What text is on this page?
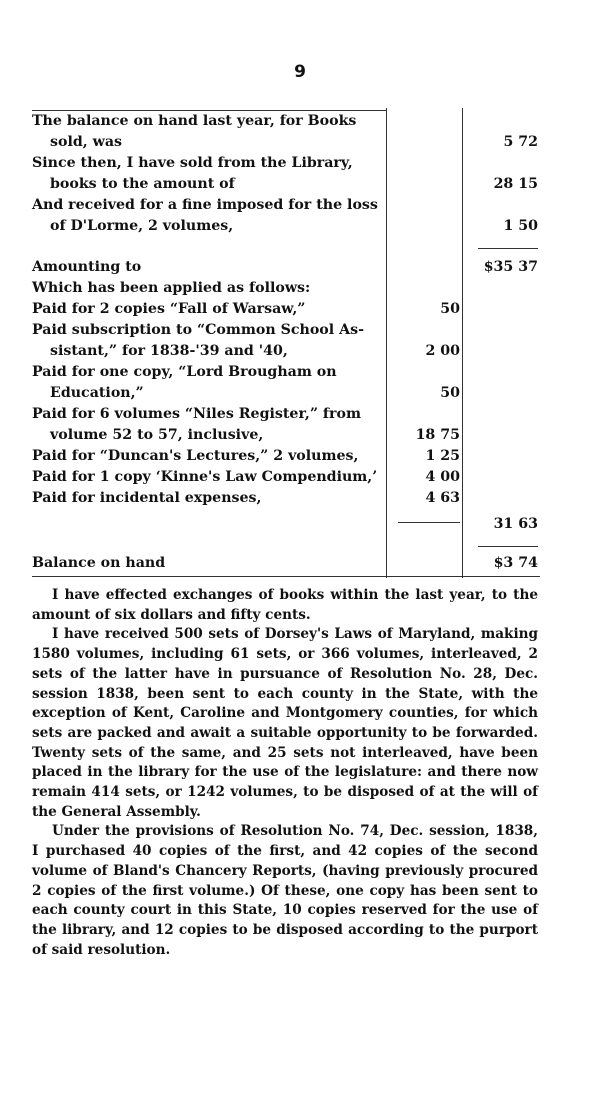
9
The balance on hand last year, for Books
sold, was	5 72
Since then, I have sold from the Library,
books to the amount of	28 15
And received for a fine imposed for the loss
of D'Lorme, 2 volumes,	1 50
Amounting to	$35 37
Which has been applied as follows:
Paid for 2 copies “Fall of Warsaw,”	50
Paid subscription to “Common School As-
sistant,” for 1838-'39 and '40,	2 00
Paid for one copy, “Lord Brougham on
Education,”	50
Paid for 6 volumes “Niles Register,” from
volume 52 to 57, inclusive,	18 75
Paid for “Duncan's Lectures,” 2 volumes,	1 25
Paid for 1 copy ‘Kinne's Law Compendium,’	4 00
Paid for incidental expenses,	4 63
31 63
Balance on hand	$3 74

I have effected exchanges of books within the last year, to the amount of six dollars and fifty cents.

I have received 500 sets of Dorsey's Laws of Maryland, making 1580 volumes, including 61 sets, or 366 volumes, interleaved, 2 sets of the latter have in pursuance of Resolution No. 28, Dec. session 1838, been sent to each county in the State, with the exception of Kent, Caroline and Montgomery counties, for which sets are packed and await a suitable opportunity to be forwarded. Twenty sets of the same, and 25 sets not interleaved, have been placed in the library for the use of the legislature: and there now remain 414 sets, or 1242 volumes, to be disposed of at the will of the General Assembly.

Under the provisions of Resolution No. 74, Dec. session, 1838, I purchased 40 copies of the first, and 42 copies of the second volume of Bland's Chancery Reports, (having previously procured 2 copies of the first volume.) Of these, one copy has been sent to each county court in this State, 10 copies reserved for the use of the library, and 12 copies to be disposed according to the purport of said resolution.
